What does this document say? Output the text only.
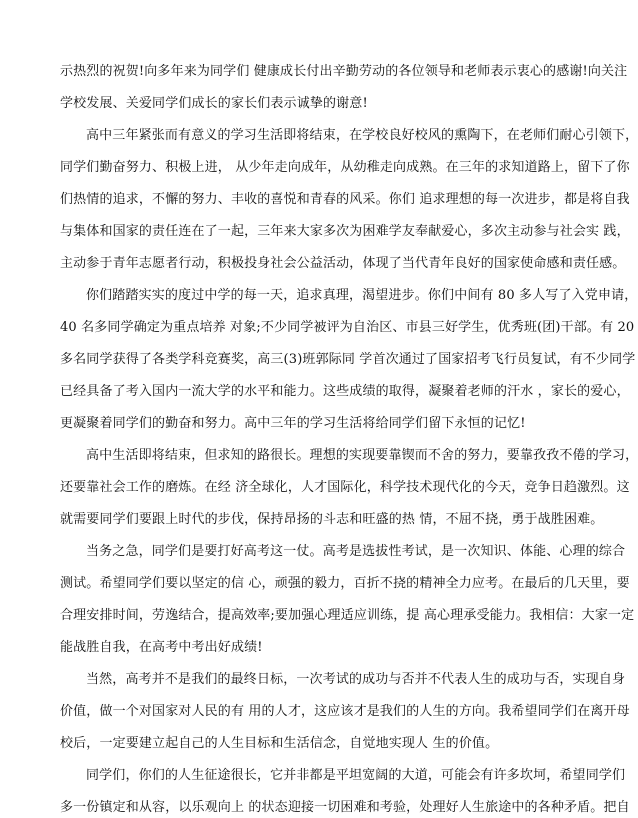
示热烈的祝贺!向多年来为同学们 健康成长付出辛勤劳动的各位领导和老师表示衷心的感谢!向关注
学校发展、关爱同学们成长的家长们表示诚挚的谢意!
高中三年紧张而有意义的学习生活即将结束，在学校良好校风的熏陶下，在老师们耐心引领下，
同学们勤奋努力、积极上进， 从少年走向成年，从幼稚走向成熟。在三年的求知道路上，留下了你
们热情的追求，不懈的努力、丰收的喜悦和青春的风采。你们 追求理想的每一次进步，都是将自我
与集体和国家的责任连在了一起，三年来大家多次为困难学友奉献爱心，多次主动参与社会实 践，
主动参于青年志愿者行动，积极投身社会公益活动，体现了当代青年良好的国家使命感和责任感。
你们踏踏实实的度过中学的每一天，追求真理，渴望进步。你们中间有 80 多人写了入党申请，
40 名多同学确定为重点培养 对象;不少同学被评为自治区、市县三好学生，优秀班(团)干部。有 20
多名同学获得了各类学科竞赛奖，高三(3)班郭际同 学首次通过了国家招考飞行员复试，有不少同学
已经具备了考入国内一流大学的水平和能力。这些成绩的取得，凝聚着老师的汗水 ，家长的爱心，
更凝聚着同学们的勤奋和努力。高中三年的学习生活将给同学们留下永恒的记忆!
高中生活即将结束，但求知的路很长。理想的实现要靠锲而不舍的努力，要靠孜孜不倦的学习，
还要靠社会工作的磨炼。在经 济全球化，人才国际化，科学技术现代化的今天，竞争日趋激烈。这
就需要同学们要跟上时代的步伐，保持昂扬的斗志和旺盛的热 情，不屈不挠，勇于战胜困难。
当务之急，同学们是要打好高考这一仗。高考是选拔性考试，是一次知识、体能、心理的综合
测试。希望同学们要以坚定的信 心，顽强的毅力，百折不挠的精神全力应考。在最后的几天里，要
合理安排时间，劳逸结合，提高效率;要加强心理适应训练，提 高心理承受能力。我相信：大家一定
能战胜自我，在高考中考出好成绩!
当然，高考并不是我们的最终日标，一次考试的成功与否并不代表人生的成功与否，实现自身
价值，做一个对国家对人民的有 用的人才，这应该才是我们的人生的方向。我希望同学们在离开母
校后，一定要建立起自己的人生目标和生活信念，自觉地实现人 生的价值。
同学们，你们的人生征途很长，它并非都是平坦宽阔的大道，可能会有许多坎坷，希望同学们
多一份镇定和从容，以乐观向上 的状态迎接一切困难和考验，处理好人生旅途中的各种矛盾。把自
